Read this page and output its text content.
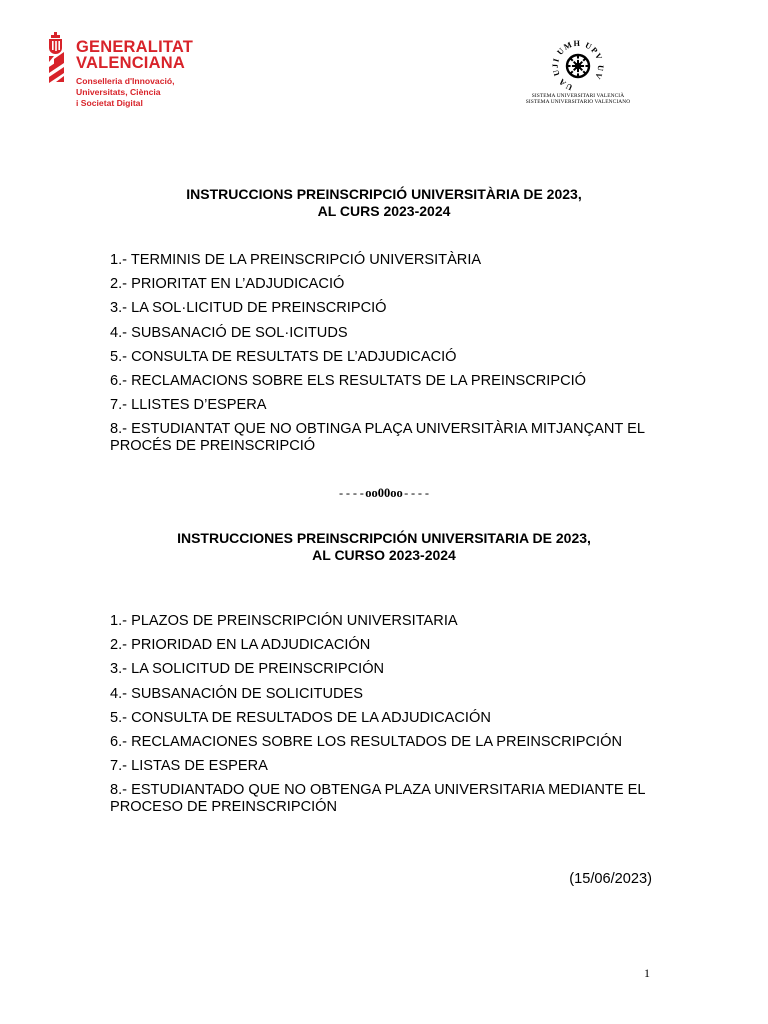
GENERALITAT
VALENCIANA
Conselleria d'Innovació,
Universitats, Ciència
i Societat Digital
UA UJI UMH UPV UV
SISTEMA UNIVERSITARI VALENCIÀ
SISTEMA UNIVERSITARIO VALENCIANO
INSTRUCCIONS PREINSCRIPCIÓ UNIVERSITÀRIA DE 2023,
AL CURS 2023-2024
1.- TERMINIS DE LA PREINSCRIPCIÓ UNIVERSITÀRIA
2.- PRIORITAT EN L’ADJUDICACIÓ
3.- LA SOL·LICITUD DE PREINSCRIPCIÓ
4.- SUBSANACIÓ DE SOL·ICITUDS
5.- CONSULTA DE RESULTATS DE L’ADJUDICACIÓ
6.- RECLAMACIONS SOBRE ELS RESULTATS DE LA PREINSCRIPCIÓ
7.- LLISTES D’ESPERA
8.- ESTUDIANTAT QUE NO OBTINGA PLAÇA UNIVERSITÀRIA MITJANÇANT EL PROCÉS DE PREINSCRIPCIÓ
----oo00oo----
INSTRUCCIONES PREINSCRIPCIÓN UNIVERSITARIA DE 2023,
AL CURSO 2023-2024
1.- PLAZOS DE PREINSCRIPCIÓN UNIVERSITARIA
2.- PRIORIDAD EN LA ADJUDICACIÓN
3.- LA SOLICITUD DE PREINSCRIPCIÓN
4.- SUBSANACIÓN DE SOLICITUDES
5.- CONSULTA DE RESULTADOS DE LA ADJUDICACIÓN
6.- RECLAMACIONES SOBRE LOS RESULTADOS DE LA PREINSCRIPCIÓN
7.- LISTAS DE ESPERA
8.- ESTUDIANTADO QUE NO OBTENGA PLAZA UNIVERSITARIA MEDIANTE EL PROCESO DE PREINSCRIPCIÓN
(15/06/2023)
1
